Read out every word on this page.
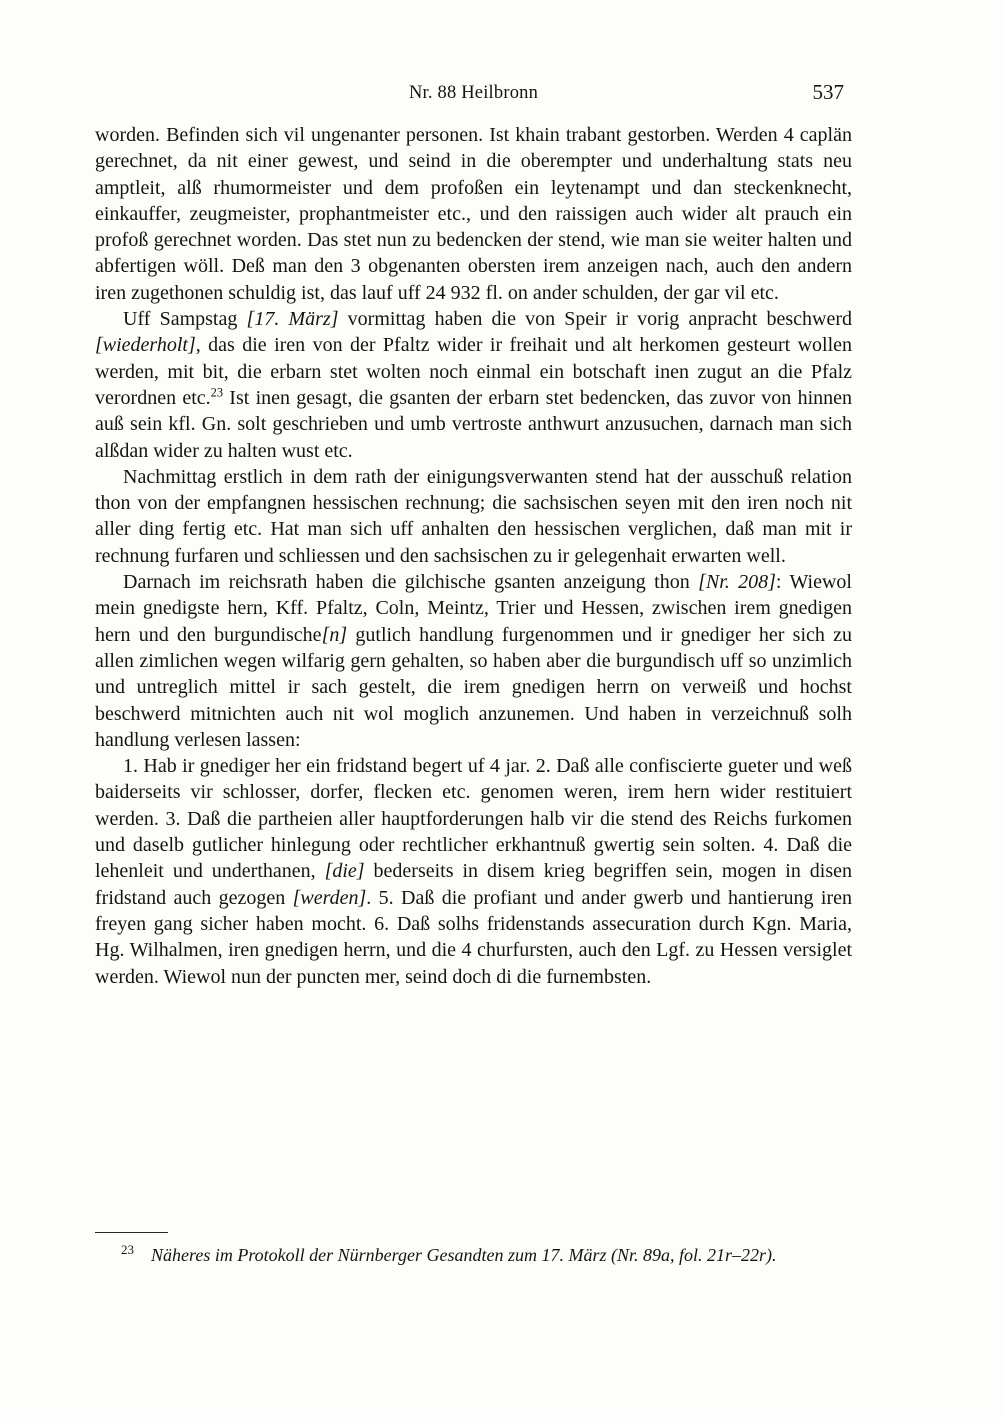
Nr. 88 Heilbronn	537

worden. Befinden sich vil ungenanter personen. Ist khain trabant gestorben. Werden 4 caplän gerechnet, da nit einer gewest, und seind in die oberempter und underhaltung stats neu amptleit, alß rhumormeister und dem profoßen ein leytenampt und dan steckenknecht, einkauffer, zeugmeister, prophantmeister etc., und den raissigen auch wider alt prauch ein profoß gerechnet worden. Das stet nun zu bedencken der stend, wie man sie weiter halten und abfertigen wöll. Deß man den 3 obgenanten obersten irem anzeigen nach, auch den andern iren zugethonen schuldig ist, das lauf uff 24 932 fl. on ander schulden, der gar vil etc.

Uff Sampstag [17. März] vormittag haben die von Speir ir vorig anpracht beschwerd [wiederholt], das die iren von der Pfaltz wider ir freihait und alt herkomen gesteurt wollen werden, mit bit, die erbarn stet wolten noch einmal ein botschaft inen zugut an die Pfalz verordnen etc.$^{23}$ Ist inen gesagt, die gsanten der erbarn stet bedencken, das zuvor von hinnen auß sein kfl. Gn. solt geschrieben und umb vertroste anthwurt anzusuchen, darnach man sich alßdan wider zu halten wust etc.

Nachmittag erstlich in dem rath der einigungsverwanten stend hat der ausschuß relation thon von der empfangnen hessischen rechnung; die sachsischen seyen mit den iren noch nit aller ding fertig etc. Hat man sich uff anhalten den hessischen verglichen, daß man mit ir rechnung furfaren und schliessen und den sachsischen zu ir gelegenhait erwarten well.

Darnach im reichsrath haben die gilchische gsanten anzeigung thon [Nr. 208]: Wiewol mein gnedigste hern, Kff. Pfaltz, Coln, Meintz, Trier und Hessen, zwischen irem gnedigen hern und den burgundische[n] gutlich handlung furgenommen und ir gnediger her sich zu allen zimlichen wegen wilfarig gern gehalten, so haben aber die burgundisch uff so unzimlich und untreglich mittel ir sach gestelt, die irem gnedigen herrn on verweiß und hochst beschwerd mitnichten auch nit wol moglich anzunemen. Und haben in verzeichnuß solh handlung verlesen lassen:

1. Hab ir gnediger her ein fridstand begert uf 4 jar. 2. Daß alle confiscierte gueter und weß baiderseits vir schlosser, dorfer, flecken etc. genomen weren, irem hern wider restituiert werden. 3. Daß die partheien aller hauptforderungen halb vir die stend des Reichs furkomen und daselb gutlicher hinlegung oder rechtlicher erkhantnuß gwertig sein solten. 4. Daß die lehenleit und underthanen, [die] bederseits in disem krieg begriffen sein, mogen in disen fridstand auch gezogen [werden]. 5. Daß die profiant und ander gwerb und hantierung iren freyen gang sicher haben mocht. 6. Daß solhs fridenstands assecuration durch Kgn. Maria, Hg. Wilhalmen, iren gnedigen herrn, und die 4 churfursten, auch den Lgf. zu Hessen versiglet werden. Wiewol nun der puncten mer, seind doch di die furnembsten.

$^{23}$ Näheres im Protokoll der Nürnberger Gesandten zum 17. März (Nr. 89a, fol. 21r–22r).
